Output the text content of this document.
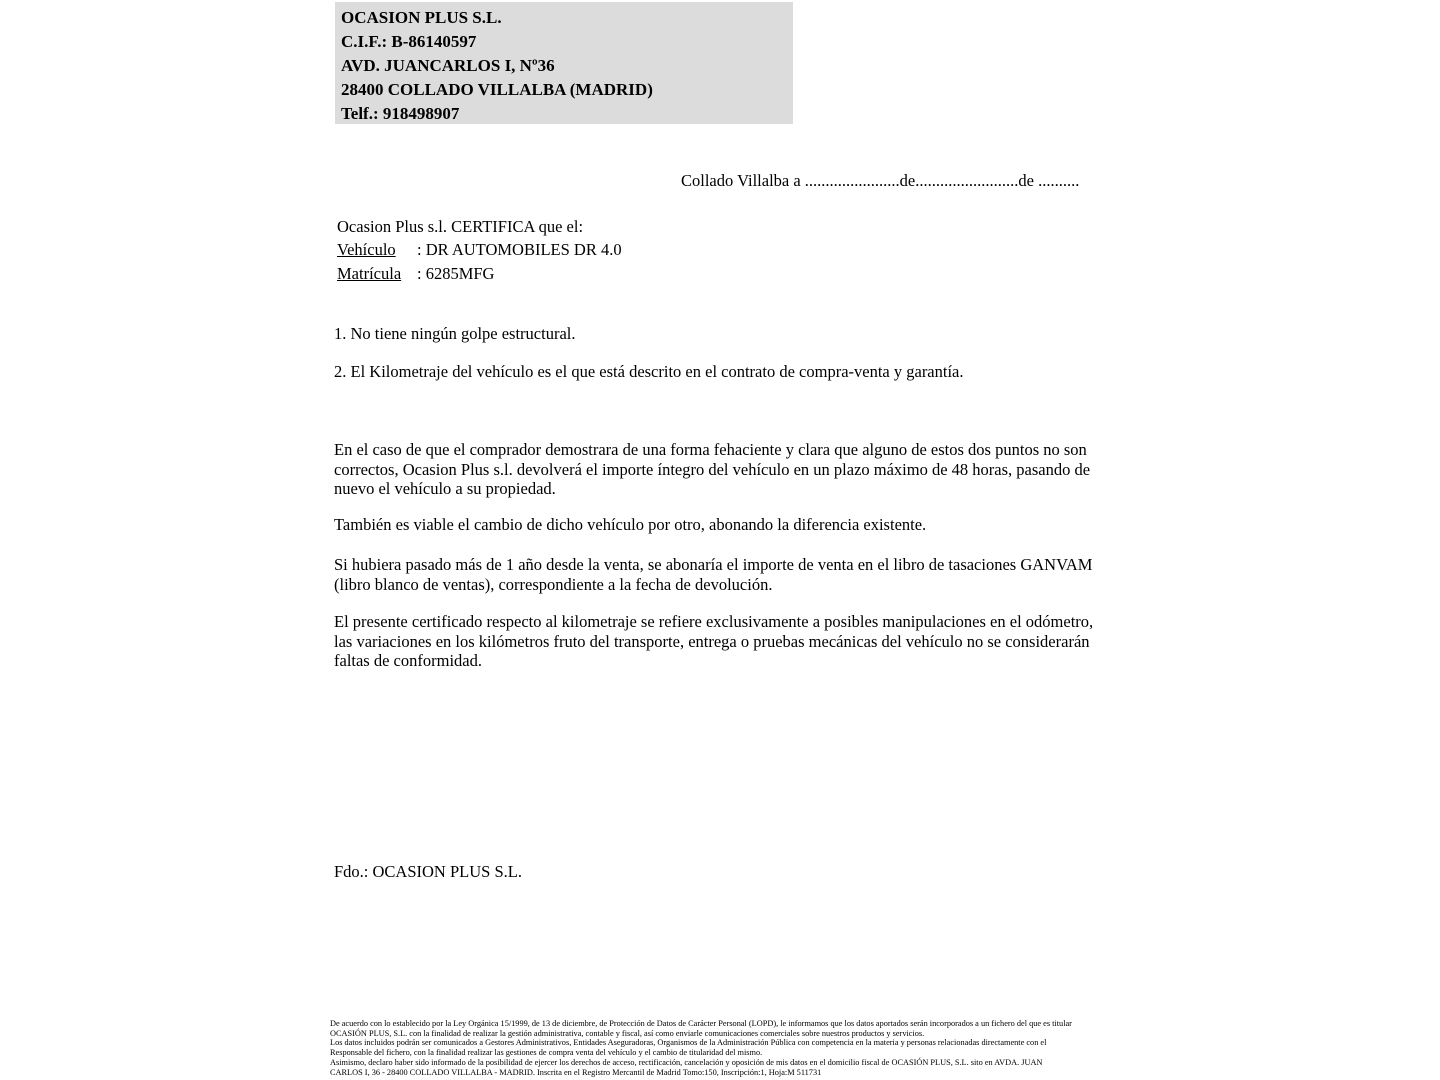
OCASION PLUS S.L.
C.I.F.: B-86140597
AVD. JUANCARLOS I, Nº36
28400 COLLADO VILLALBA (MADRID)
Telf.: 918498907
Collado Villalba a .......................de.........................de ..........
Ocasion Plus s.l. CERTIFICA que el:
Vehículo : DR AUTOMOBILES DR 4.0
Matrícula : 6285MFG
1. No tiene ningún golpe estructural.
2. El Kilometraje del vehículo es el que está descrito en el contrato de compra-venta y garantía.
En el caso de que el comprador demostrara de una forma fehaciente y clara que alguno de estos dos puntos no son correctos, Ocasion Plus s.l. devolverá el importe íntegro del vehículo en un plazo máximo de 48 horas, pasando de nuevo el vehículo a su propiedad.
También es viable el cambio de dicho vehículo por otro, abonando la diferencia existente.
Si hubiera pasado más de 1 año desde la venta, se abonaría el importe de venta en el libro de tasaciones GANVAM (libro blanco de ventas), correspondiente a la fecha de devolución.
El presente certificado respecto al kilometraje se refiere exclusivamente a posibles manipulaciones en el odómetro, las variaciones en los kilómetros fruto del transporte, entrega o pruebas mecánicas del vehículo no se considerarán faltas de conformidad.
Fdo.: OCASION PLUS S.L.
De acuerdo con lo establecido por la Ley Orgánica 15/1999, de 13 de diciembre, de Protección de Datos de Carácter Personal (LOPD), le informamos que los datos aportados serán incorporados a un fichero del que es titular
OCASIÓN PLUS, S.L. con la finalidad de realizar la gestión administrativa, contable y fiscal, así como enviarle comunicaciones comerciales sobre nuestros productos y servicios.
Los datos incluidos podrán ser comunicados a Gestores Administrativos, Entidades Aseguradoras, Organismos de la Administración Pública con competencia en la materia y personas relacionadas directamente con el
Responsable del fichero, con la finalidad realizar las gestiones de compra venta del vehículo y el cambio de titularidad del mismo.
Asimismo, declaro haber sido informado de la posibilidad de ejercer los derechos de acceso, rectificación, cancelación y oposición de mis datos en el domicilio fiscal de OCASIÓN PLUS, S.L. sito en AVDA. JUAN
CARLOS I, 36 - 28400 COLLADO VILLALBA - MADRID. Inscrita en el Registro Mercantil de Madrid Tomo:150, Inscripción:1, Hoja:M 511731
